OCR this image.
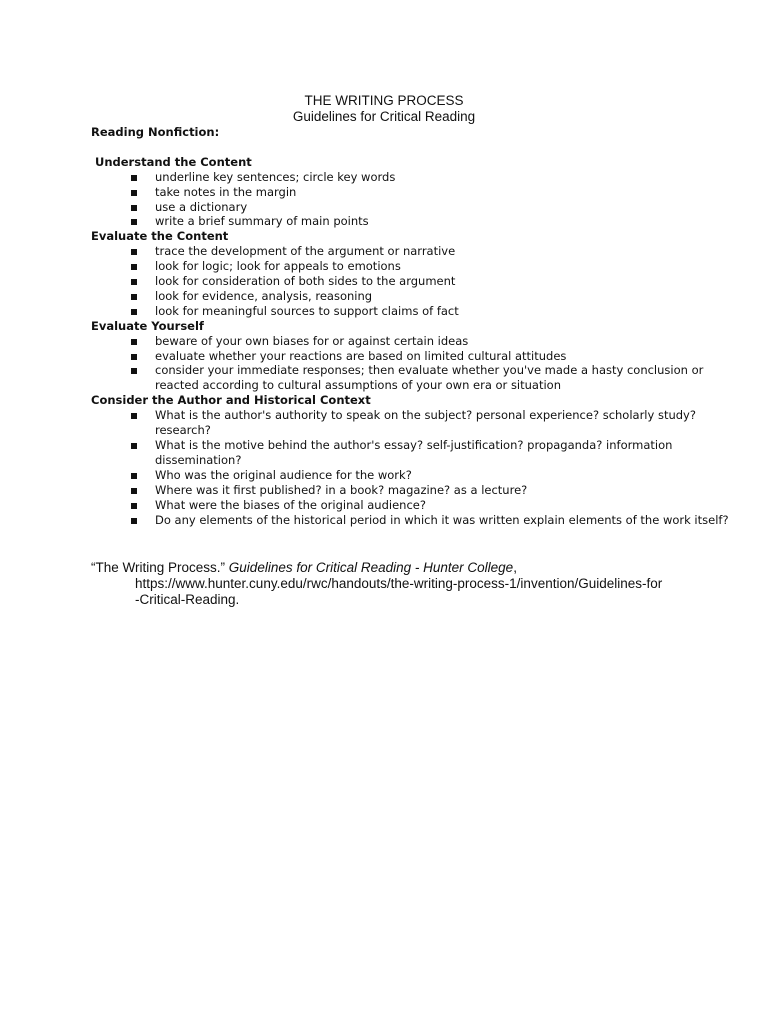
THE WRITING PROCESS
Guidelines for Critical Reading

Reading Nonfiction:

Understand the Content

underline key sentences; circle key words
take notes in the margin
use a dictionary
write a brief summary of main points

Evaluate the Content

trace the development of the argument or narrative
look for logic; look for appeals to emotions
look for consideration of both sides to the argument
look for evidence, analysis, reasoning
look for meaningful sources to support claims of fact

Evaluate Yourself

beware of your own biases for or against certain ideas
evaluate whether your reactions are based on limited cultural attitudes
consider your immediate responses; then evaluate whether you've made a hasty conclusion or reacted according to cultural assumptions of your own era or situation

Consider the Author and Historical Context

What is the author's authority to speak on the subject? personal experience? scholarly study? research?
What is the motive behind the author's essay? self-justification? propaganda? information dissemination?
Who was the original audience for the work?
Where was it first published? in a book? magazine? as a lecture?
What were the biases of the original audience?
Do any elements of the historical period in which it was written explain elements of the work itself?
“The Writing Process.” Guidelines for Critical Reading - Hunter College,
https://www.hunter.cuny.edu/rwc/handouts/the-writing-process-1/invention/Guidelines-for
-Critical-Reading.
